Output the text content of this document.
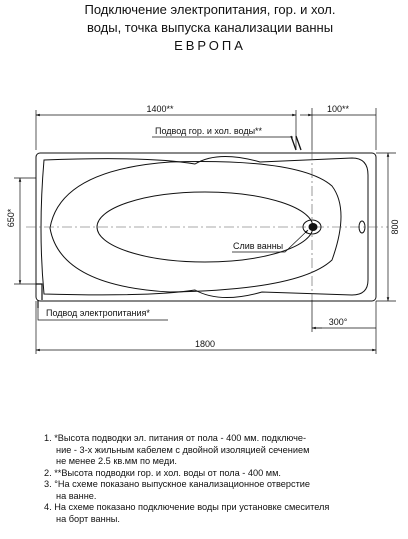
Подключение электропитания, гор. и хол.
воды, точка выпуска канализации ванны
ЕВРОПА
1400**	100**
Подвод гор. и хол. воды**
Слив ванны
Подвод электропитания*
650*	800
300°
1800
1. *Высота подводки эл. питания от пола - 400 мм. подключе-
ние - 3-х жильным кабелем с двойной изоляцией сечением
не менее 2.5 кв.мм по меди.
2. **Высота подводки гор. и хол. воды от пола - 400 мм.
3. °На схеме показано выпускное канализационное отверстие
на ванне.
4. На схеме показано подключение воды при установке смесителя
на борт ванны.
